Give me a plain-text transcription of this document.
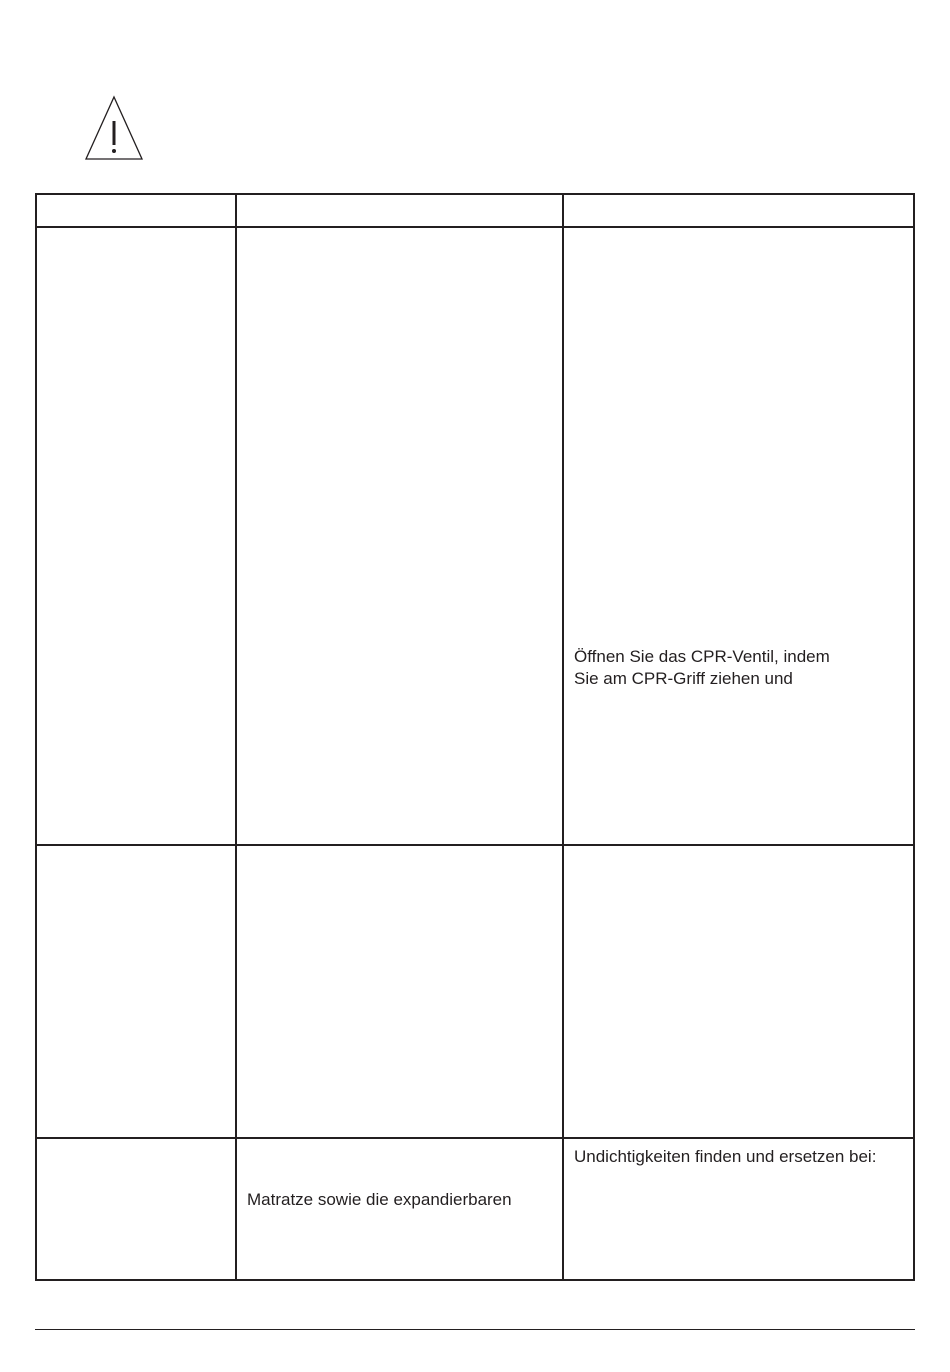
Öffnen Sie das CPR-Ventil, indem
Sie am CPR-Griff ziehen und
Matratze sowie die expandierbaren
Undichtigkeiten finden und ersetzen bei:
